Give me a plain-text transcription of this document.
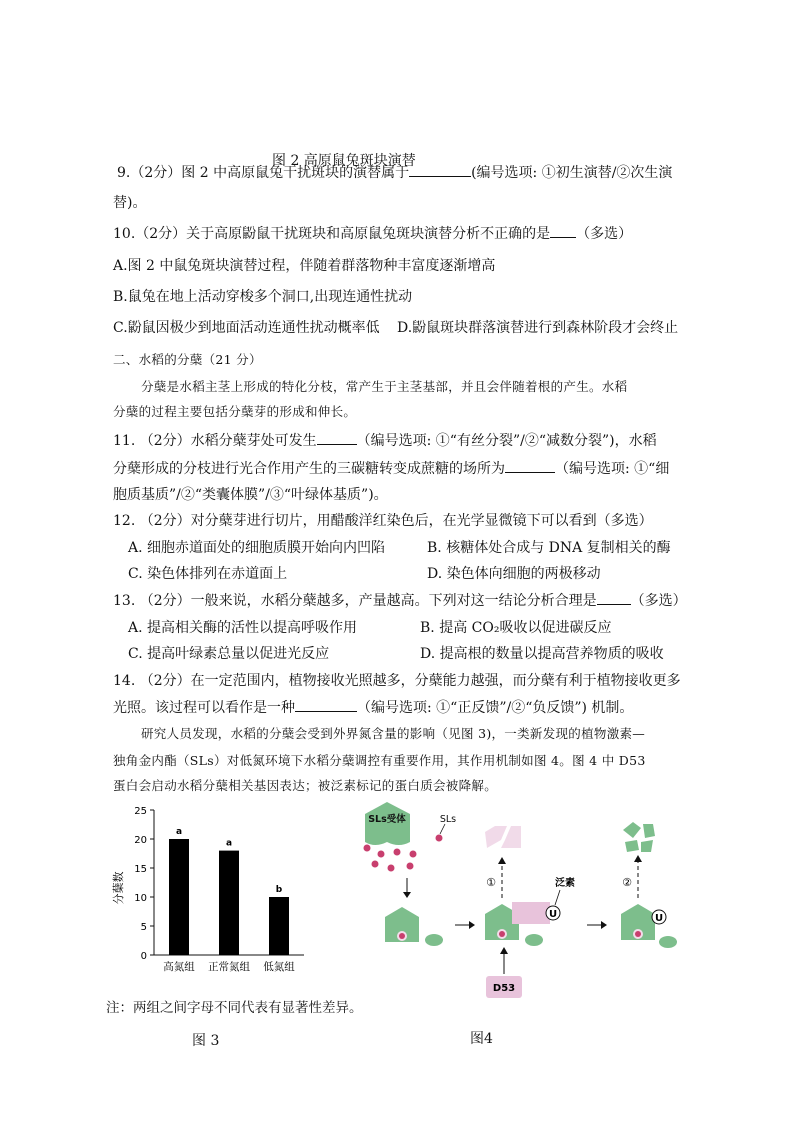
图 2 高原鼠兔斑块演替
9.（2分）图 2 中高原鼠兔干扰斑块的演替属于	(编号选项: ①初生演替/②次生演
替)。
10.（2分）关于高原鼢鼠干扰斑块和高原鼠兔斑块演替分析不正确的是 （多选）
A.图 2 中鼠兔斑块演替过程，伴随着群落物种丰富度逐渐增高
B.鼠兔在地上活动穿梭多个洞口,出现连通性扰动
C.鼢鼠因极少到地面活动连通性扰动概率低 D.鼢鼠斑块群落演替进行到森林阶段才会终止
二、水稻的分蘖（21 分）
分蘖是水稻主茎上形成的特化分枝，常产生于主茎基部，并且会伴随着根的产生。水稻
分蘖的过程主要包括分蘖芽的形成和伸长。
11. （2分）水稻分蘖芽处可发生	（编号选项: ①“有丝分裂”/②“减数分裂”)，水稻
分蘖形成的分枝进行光合作用产生的三碳糖转变成蔗糖的场所为	（编号选项: ①“细
胞质基质”/②“类囊体膜”/③“叶绿体基质”)。
12. （2分）对分蘖芽进行切片，用醋酸洋红染色后，在光学显微镜下可以看到（多选）
A. 细胞赤道面处的细胞质膜开始向内凹陷	B. 核糖体处合成与 DNA 复制相关的酶
C. 染色体排列在赤道面上	D. 染色体向细胞的两极移动
13. （2分）一般来说，水稻分蘖越多，产量越高。下列对这一结论分析合理是 （多选）
A. 提高相关酶的活性以提高呼吸作用	B. 提高 CO₂吸收以促进碳反应
C. 提高叶绿素总量以促进光反应	D. 提高根的数量以提高营养物质的吸收
14. （2分）在一定范围内，植物接收光照越多，分蘖能力越强，而分蘖有利于植物接收更多
光照。该过程可以看作是一种	（编号选项: ①“正反馈”/②“负反馈”) 机制。
研究人员发现，水稻的分蘖会受到外界氮含量的影响（见图 3)，一类新发现的植物激素—
独角金内酯（SLs）对低氮环境下水稻分蘖调控有重要作用，其作用机制如图 4。图 4 中 D53
蛋白会启动水稻分蘖相关基因表达；被泛素标记的蛋白质会被降解。
0
5
10
15
20
25
a
高氮组
a
正常氮组
b
低氮组
分蘖数
注：两组之间字母不同代表有显著性差异。
图 3
SLs受体	SLs
U
泛素
①
D53
U
②
图4
